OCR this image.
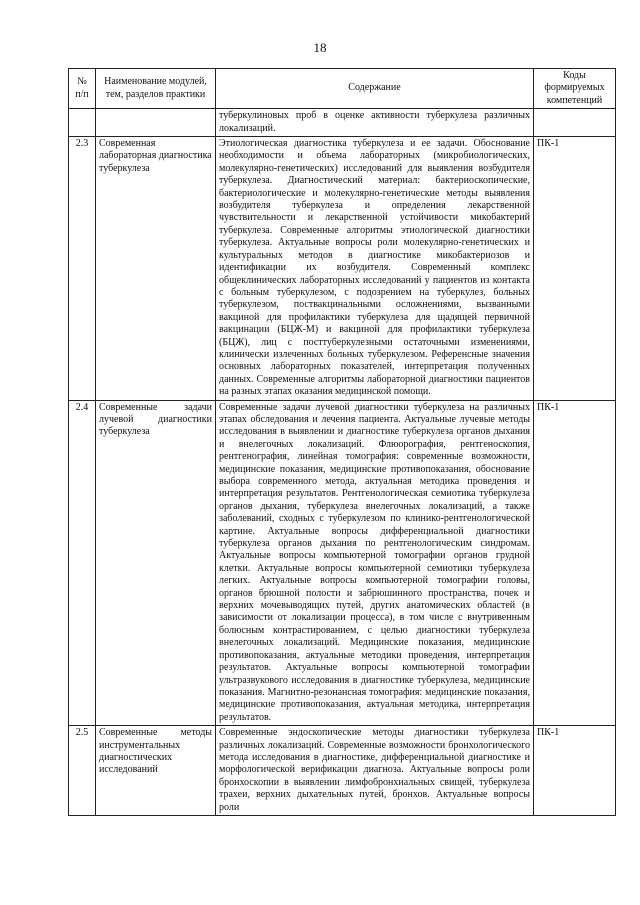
18
№ п/п	Наименование модулей, тем, разделов практики	Содержание	Коды формируемых компетенций
		туберкулиновых проб в оценке активности туберкулеза различных локализаций.	
2.3	Современная лабораторная диагностика туберкулеза	Этиологическая диагностика туберкулеза и ее задачи. Обоснование необходимости и объема лабораторных (микробиологических, молекулярно-генетических) исследований для выявления возбудителя туберкулеза. Диагностический материал: бактериоскопические, бактериологические и молекулярно-генетические методы выявления возбудителя туберкулеза и определения лекарственной чувствительности и лекарственной устойчивости микобактерий туберкулеза. Современные алгоритмы этиологической диагностики туберкулеза. Актуальные вопросы роли молекулярно-генетических и культуральных методов в диагностике микобактериозов и идентификации их возбудителя. Современный комплекс общеклинических лабораторных исследований у пациентов из контакта с больным туберкулезом, с подозрением на туберкулез, больных туберкулезом, поствакцинальными осложнениями, вызванными вакциной для профилактики туберкулеза для щадящей первичной вакцинации (БЦЖ-М) и вакциной для профилактики туберкулеза (БЦЖ), лиц с посттуберкулезными остаточными изменениями, клинически излеченных больных туберкулезом. Референсные значения основных лабораторных показателей, интерпретация полученных данных. Современные алгоритмы лабораторной диагностики пациентов на разных этапах оказания медицинской помощи.	ПК-1
2.4	Современные задачи лучевой диагностики туберкулеза	Современные задачи лучевой диагностики туберкулеза на различных этапах обследования и лечения пациента. Актуальные лучевые методы исследования в выявлении и диагностике туберкулеза органов дыхания и внелегочных локализаций. Флюорография, рентгеноскопия, рентгенография, линейная томография: современные возможности, медицинские показания, медицинские противопоказания, обоснование выбора современного метода, актуальная методика проведения и интерпретация результатов. Рентгенологическая семиотика туберкулеза органов дыхания, туберкулеза внелегочных локализаций, а также заболеваний, сходных с туберкулезом по клинико-рентгенологической картине. Актуальные вопросы дифференциальной диагностики туберкулеза органов дыхания по рентгенологическим синдромам. Актуальные вопросы компьютерной томографии органов грудной клетки. Актуальные вопросы компьютерной семиотики туберкулеза легких. Актуальные вопросы компьютерной томографии головы, органов брюшной полости и забрюшинного пространства, почек и верхних мочевыводящих путей, других анатомических областей (в зависимости от локализации процесса), в том числе с внутривенным болюсным контрастированием, с целью диагностики туберкулеза внелегочных локализаций. Медицинские показания, медицинские противопоказания, актуальные методики проведения, интерпретация результатов. Актуальные вопросы компьютерной томографии ультразвукового исследования в диагностике туберкулеза, медицинские показания. Магнитно-резонансная томография: медицинские показания, медицинские противопоказания, актуальная методика, интерпретация результатов.	ПК-1
2.5	Современные методы инструментальных диагностических исследований	Современные эндоскопические методы диагностики туберкулеза различных локализаций. Современные возможности бронхологического метода исследования в диагностике, дифференциальной диагностике и морфологической верификации диагноза. Актуальные вопросы роли бронхоскопии в выявлении лимфобронхиальных свищей, туберкулеза трахеи, верхних дыхательных путей, бронхов. Актуальные вопросы роли	ПК-1
